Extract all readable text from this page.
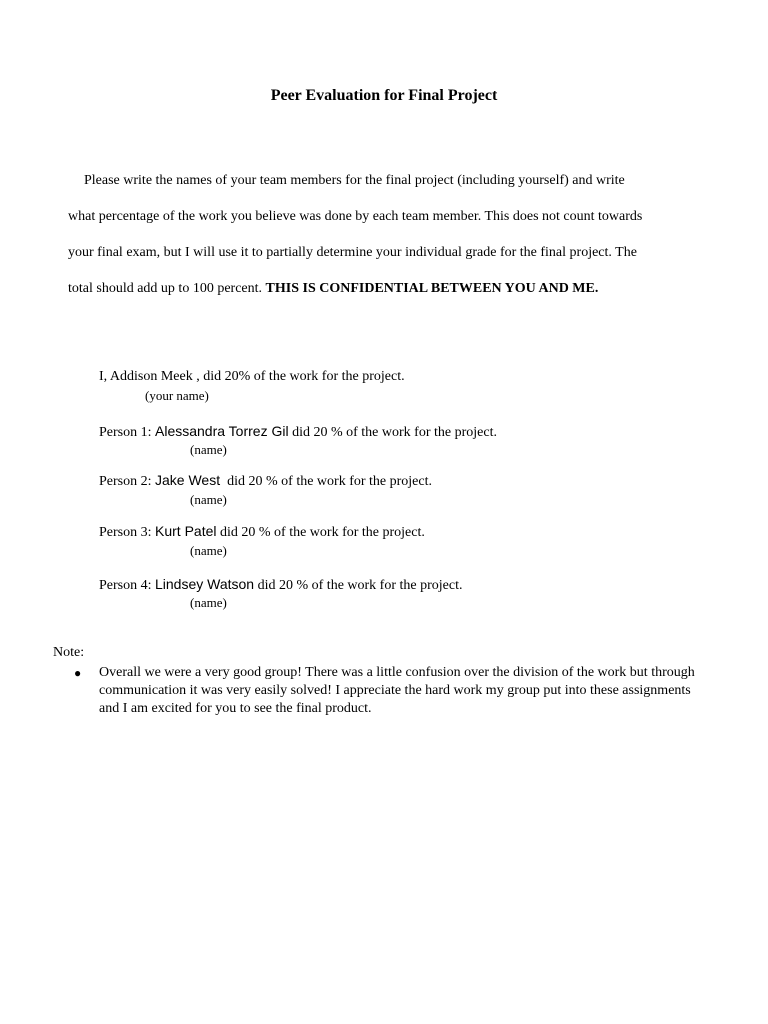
Peer Evaluation for Final Project
Please write the names of your team members for the final project (including yourself) and write
what percentage of the work you believe was done by each team member. This does not count towards
your final exam, but I will use it to partially determine your individual grade for the final project. The
total should add up to 100 percent. THIS IS CONFIDENTIAL BETWEEN YOU AND ME.
I, Addison Meek , did 20% of the work for the project.
(your name)
Person 1: Alessandra Torrez Gil did 20 % of the work for the project.
(name)
Person 2: Jake West  did 20 % of the work for the project.
(name)
Person 3: Kurt Patel did 20 % of the work for the project.
(name)
Person 4: Lindsey Watson did 20 % of the work for the project.
(name)
Note:
●	Overall we were a very good group! There was a little confusion over the division of the work but through communication it was very easily solved! I appreciate the hard work my group put into these assignments and I am excited for you to see the final product.
